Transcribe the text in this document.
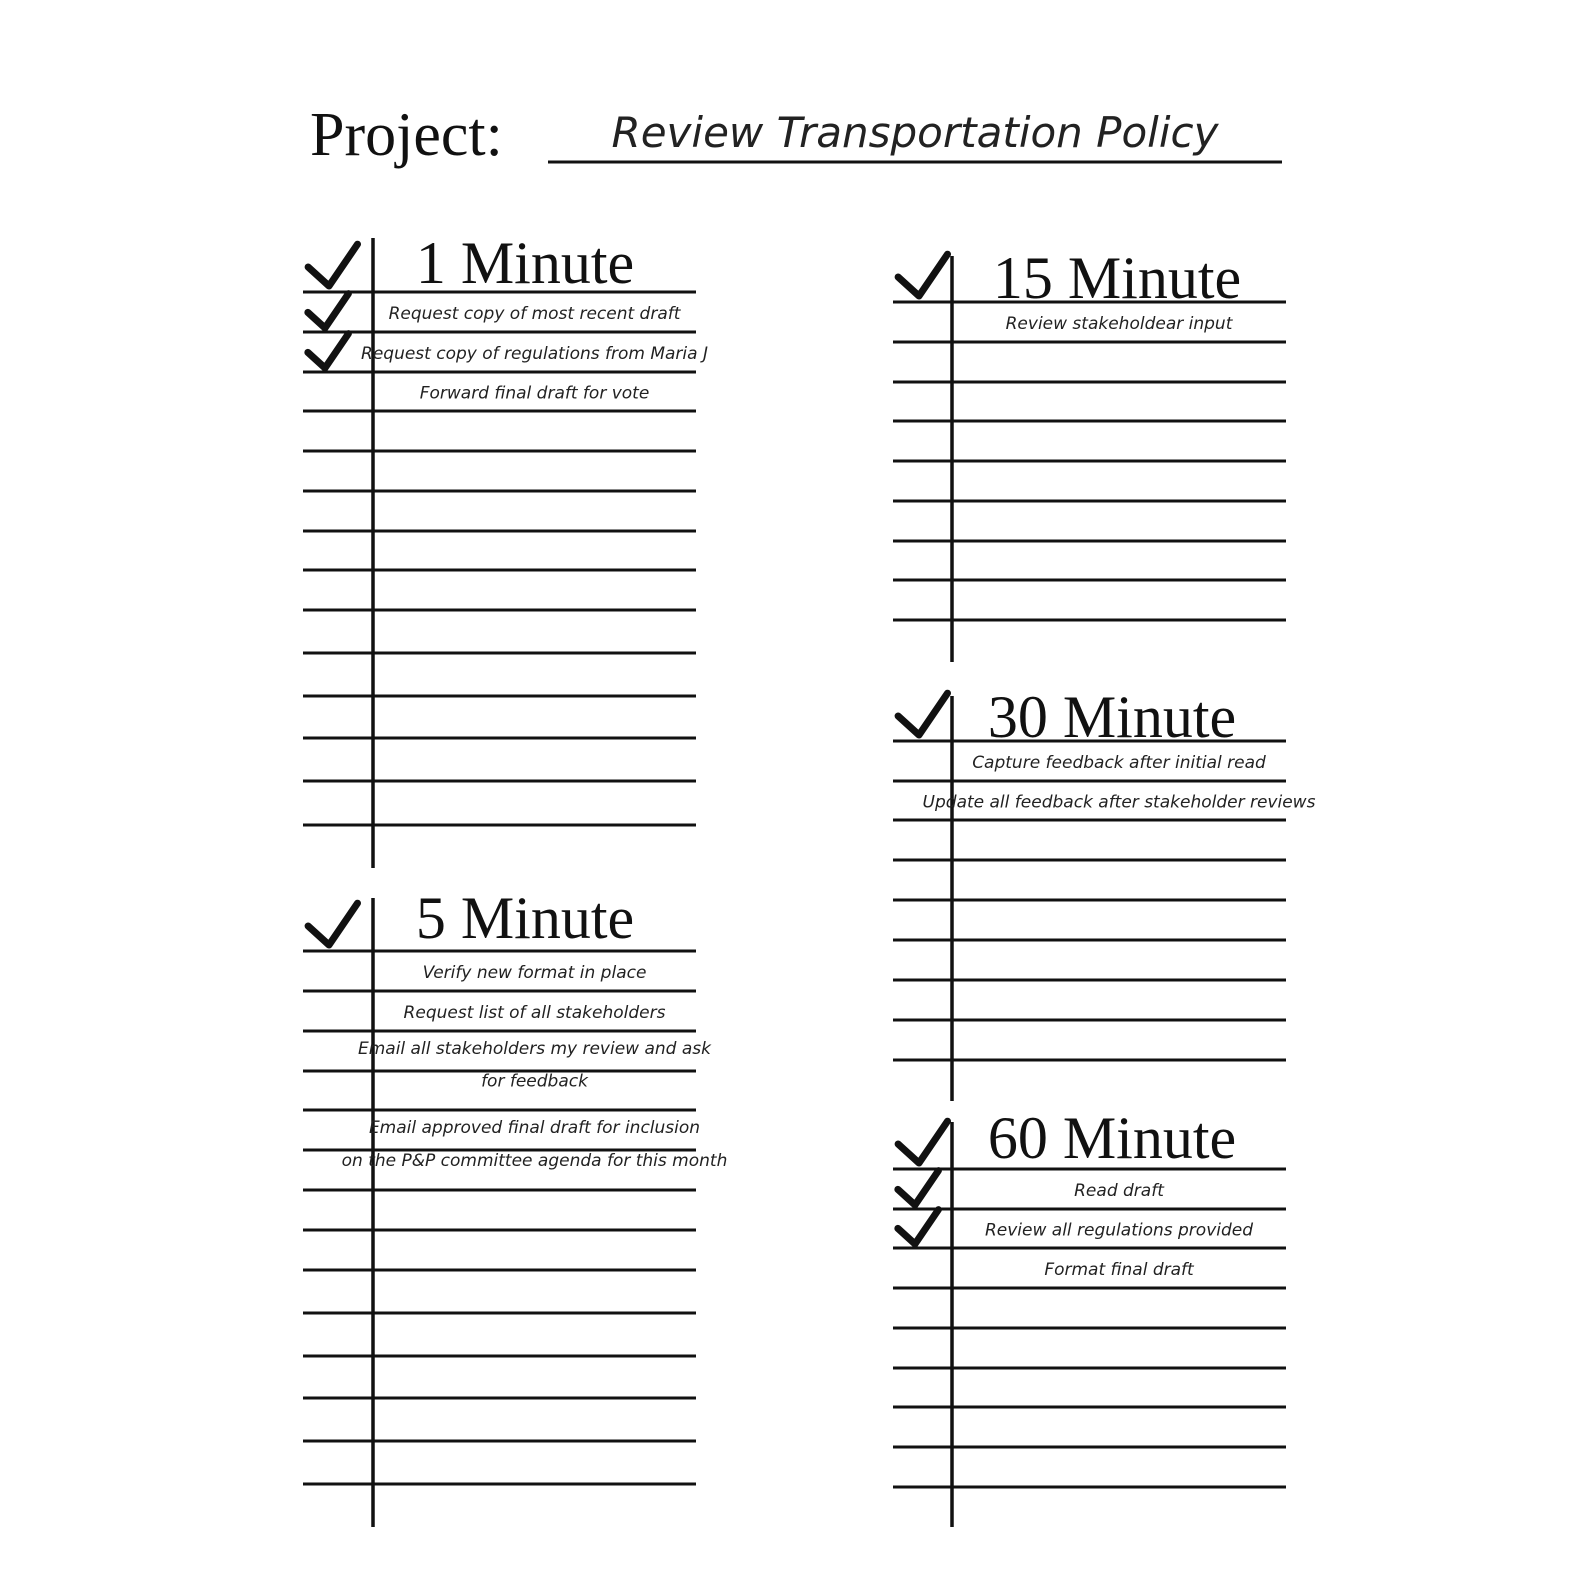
Project:	Review Transportation Policy
1 Minute
Request copy of most recent draft
Request copy of regulations from Maria J
Forward final draft for vote
5 Minute
Verify new format in place
Request list of all stakeholders
Email all stakeholders my review and ask
for feedback
Email approved final draft for inclusion
on the P&P committee agenda for this month
15 Minute
Review stakeholdear input
30 Minute
Capture feedback after initial read
Update all feedback after stakeholder reviews
60 Minute
Read draft
Review all regulations provided
Format final draft
